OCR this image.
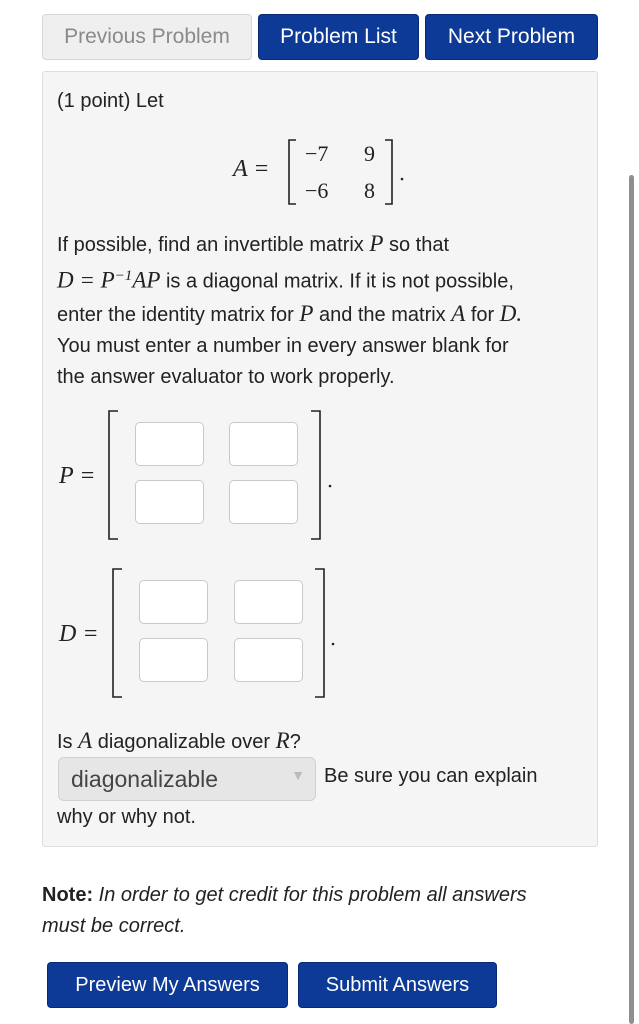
Previous Problem	Problem List	Next Problem
(1 point) Let
A =
−7 9
−6 8

If possible, find an invertible matrix P so that

$D = P^{-1}AP$ is a diagonal matrix. If it is not possible,

enter the identity matrix for P and the matrix A for D.

You must enter a number in every answer blank for

the answer evaluator to work properly.

P =
D =
Is A diagonalizable over R?
diagonalizable	▼ Be sure you can explain
why or why not.
Note: In order to get credit for this problem all answers
must be correct.
Preview My Answers	Submit Answers
